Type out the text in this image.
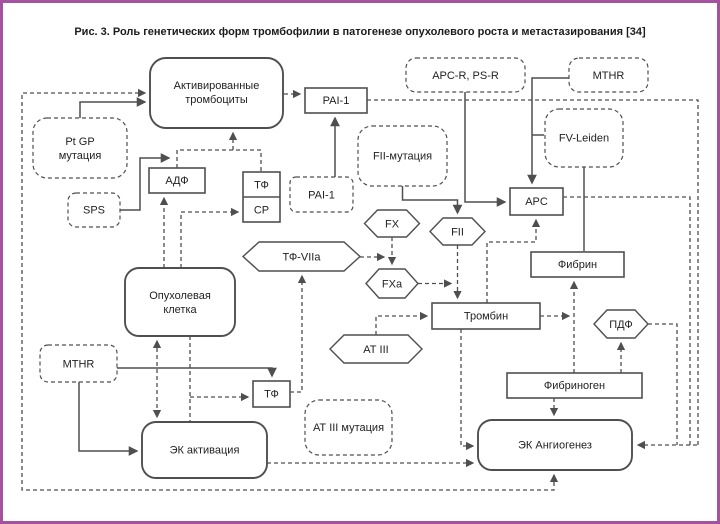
Рис. 3. Роль генетических форм тромбофилии в патогенезе опухолевого роста и метастазирования [34]
Активированные
тромбоциты	PAI-1
APC-R, PS-R	MTHR
Pt GP
мутация
FV-Leiden
FII-мутация
АДФ	ТФ
СР
PAI-1
SPS
APC
FX
FII
ТФ-VIIa
FXa
Фибрин
Опухолевая
клетка
Тромбин
ПДФ
АТ III
MTHR
Фибриноген
ТФ
АТ III мутация
ЭК активация	ЭК Ангиогенез
